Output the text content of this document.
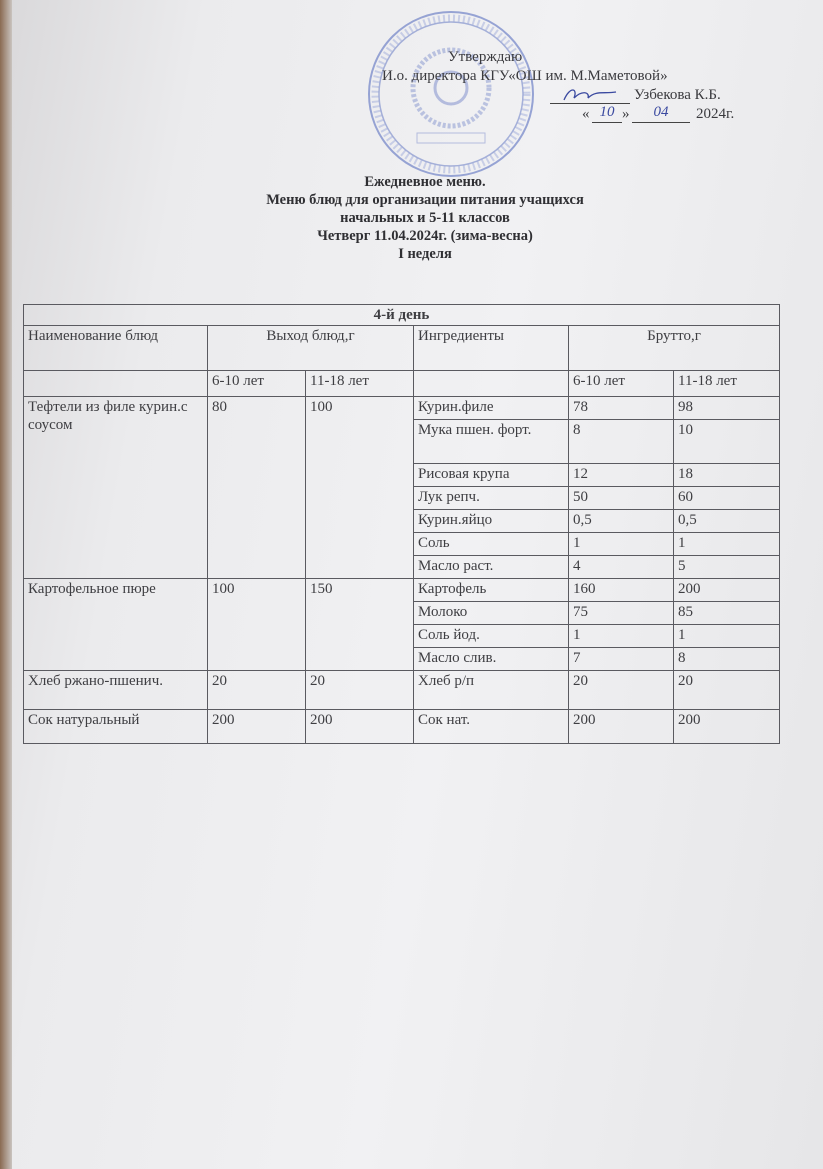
Утверждаю
И.о. директора КГУ«ОШ им. М.Маметовой»
Узбекова К.Б.
« 10 »	04	2024г.
Ежедневное меню.
Меню блюд для организации питания учащихся
начальных и 5-11 классов
Четверг 11.04.2024г. (зима-весна)
I неделя
4-й день					
Наименование блюд	Выход блюд,г		Ингредиенты	Брутто,г	
	6-10 лет	11-18 лет		6-10 лет	11-18 лет
Тефтели из филе курин.с соусом	80	100	Курин.филе	78	98
			Мука пшен. форт.	8	10
			Рисовая крупа	12	18
			Лук репч.	50	60
			Курин.яйцо	0,5	0,5
			Соль	1	1
			Масло раст.	4	5
Картофельное пюре	100	150	Картофель	160	200
			Молоко	75	85
			Соль йод.	1	1
			Масло слив.	7	8
Хлеб ржано-пшенич.	20	20	Хлеб р/п	20	20
Сок натуральный	200	200	Сок нат.	200	200
